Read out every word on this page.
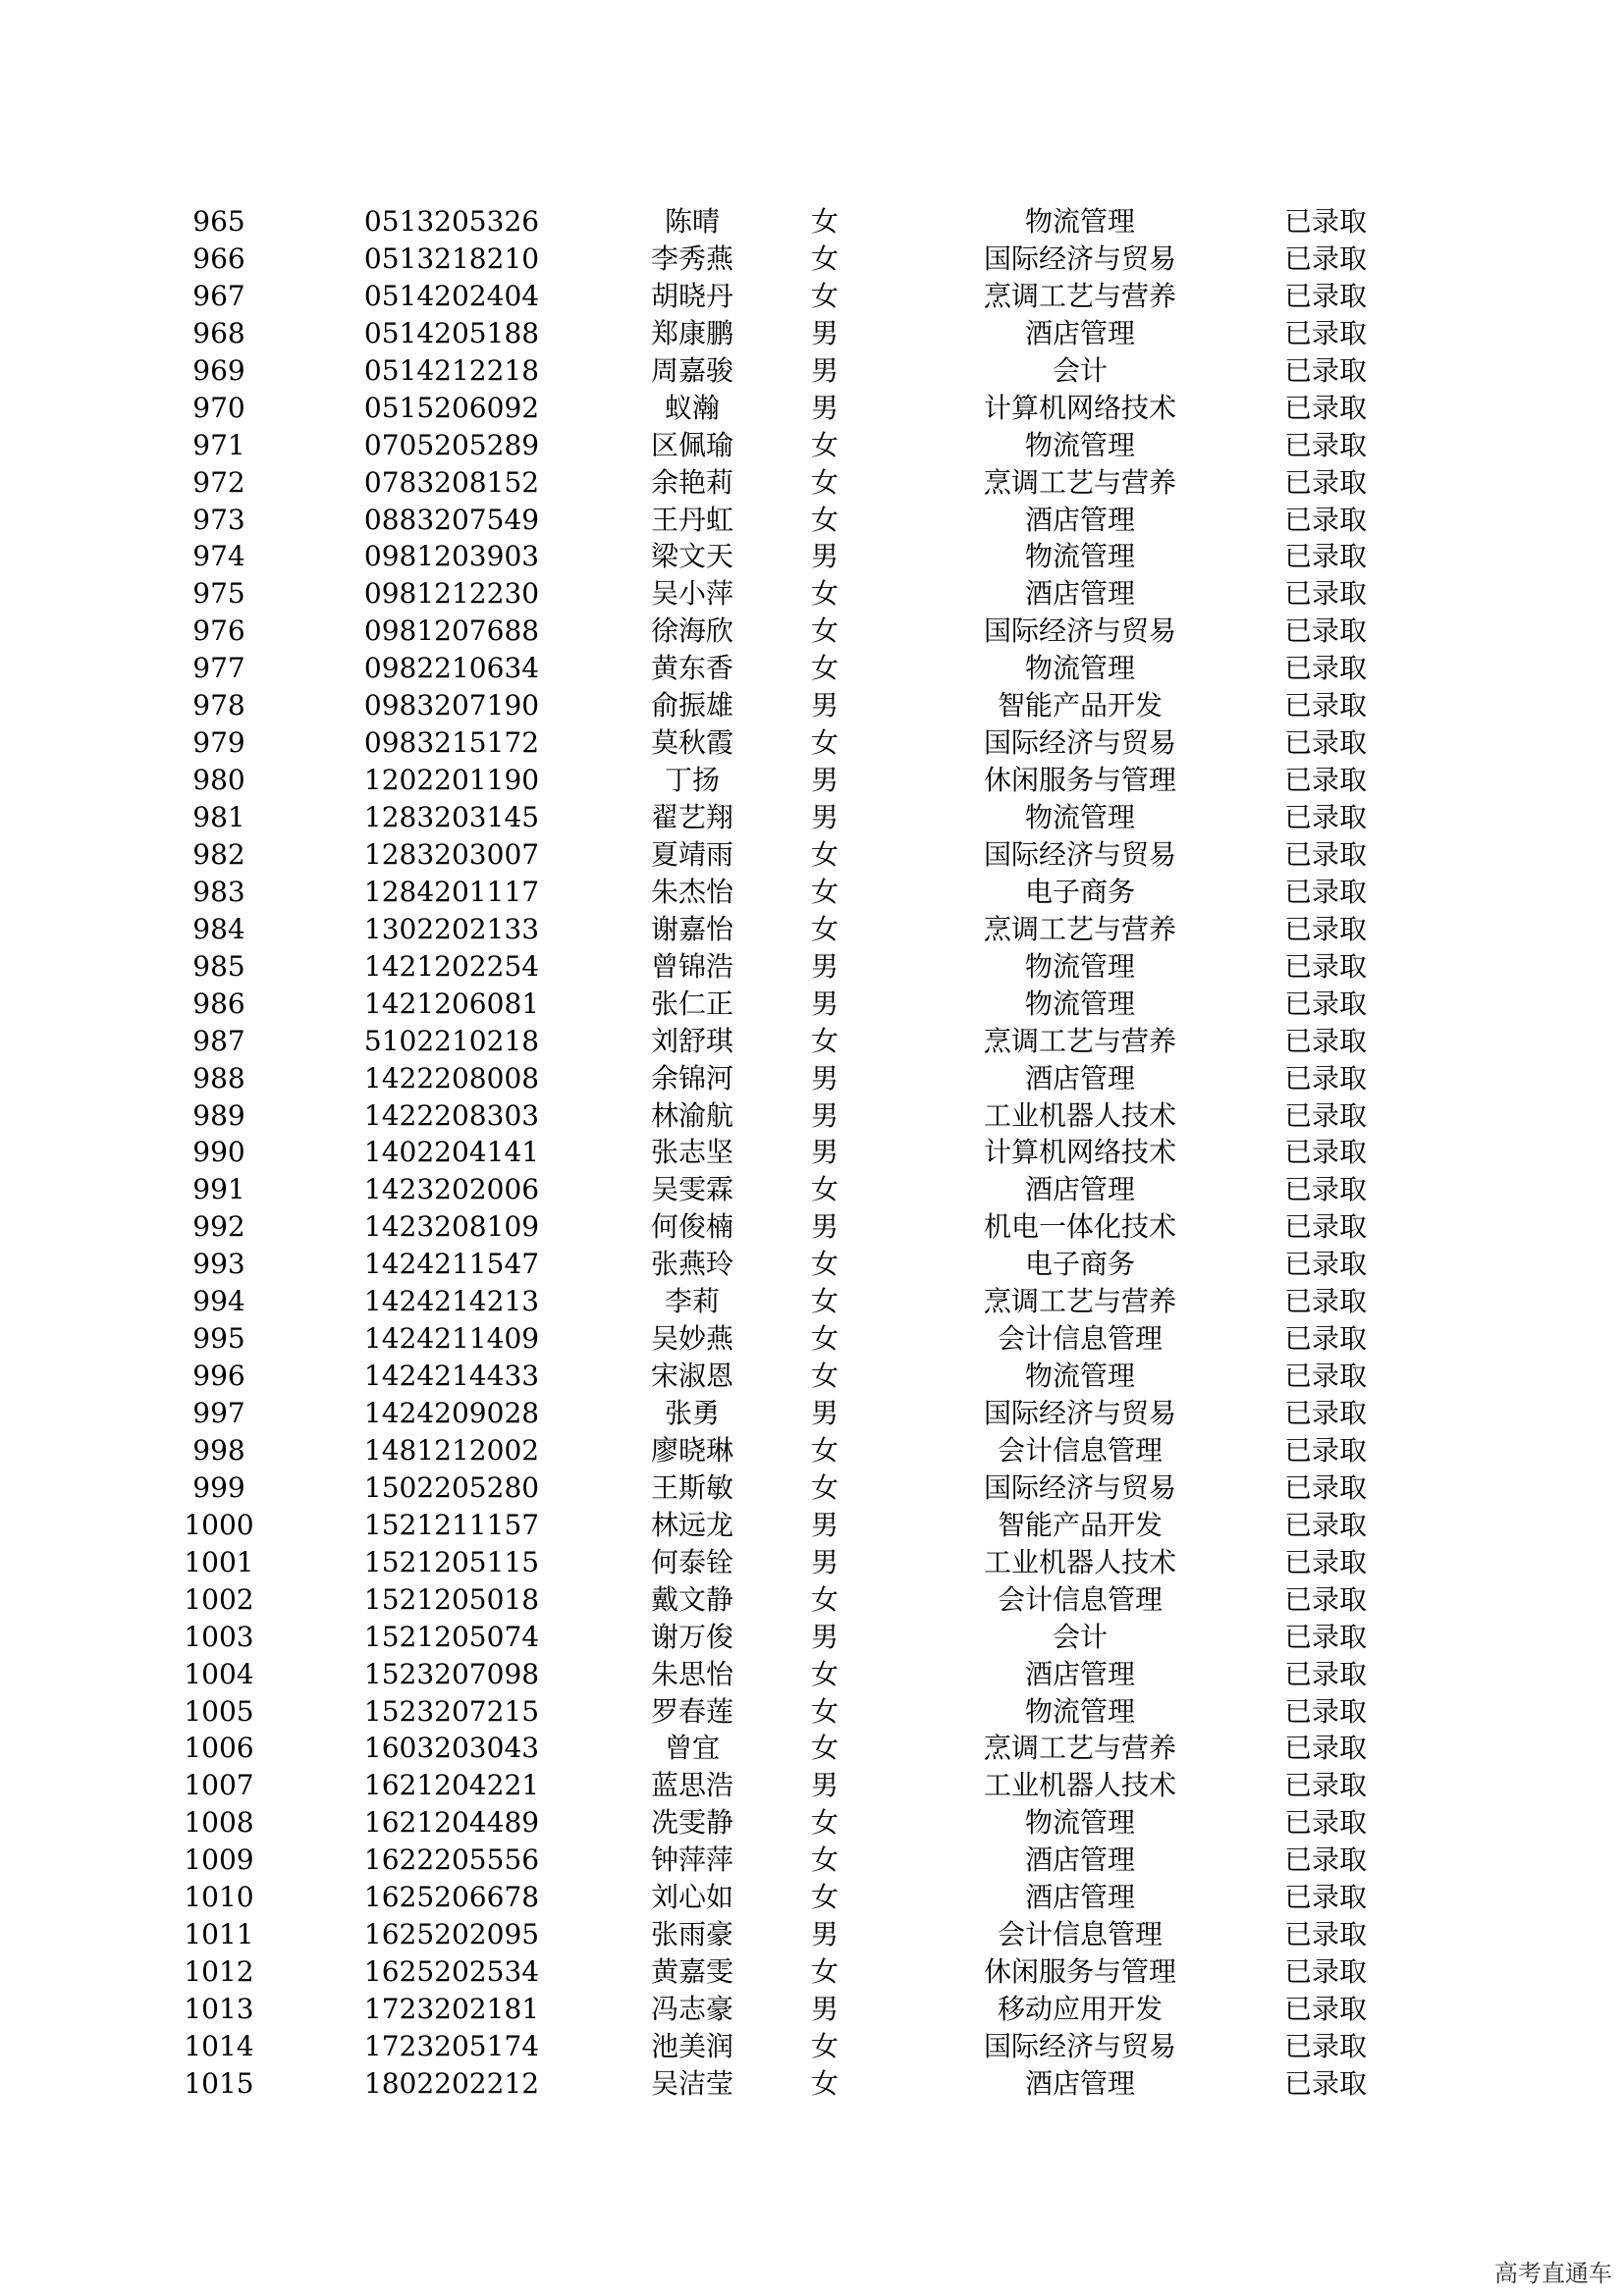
965	0513205326	陈晴	女	物流管理	已录取
966	0513218210	李秀燕	女	国际经济与贸易	已录取
967	0514202404	胡晓丹	女	烹调工艺与营养	已录取
968	0514205188	郑康鹏	男	酒店管理	已录取
969	0514212218	周嘉骏	男	会计	已录取
970	0515206092	蚁瀚	男	计算机网络技术	已录取
971	0705205289	区佩瑜	女	物流管理	已录取
972	0783208152	余艳莉	女	烹调工艺与营养	已录取
973	0883207549	王丹虹	女	酒店管理	已录取
974	0981203903	梁文天	男	物流管理	已录取
975	0981212230	吴小萍	女	酒店管理	已录取
976	0981207688	徐海欣	女	国际经济与贸易	已录取
977	0982210634	黄东香	女	物流管理	已录取
978	0983207190	俞振雄	男	智能产品开发	已录取
979	0983215172	莫秋霞	女	国际经济与贸易	已录取
980	1202201190	丁扬	男	休闲服务与管理	已录取
981	1283203145	翟艺翔	男	物流管理	已录取
982	1283203007	夏靖雨	女	国际经济与贸易	已录取
983	1284201117	朱杰怡	女	电子商务	已录取
984	1302202133	谢嘉怡	女	烹调工艺与营养	已录取
985	1421202254	曾锦浩	男	物流管理	已录取
986	1421206081	张仁正	男	物流管理	已录取
987	5102210218	刘舒琪	女	烹调工艺与营养	已录取
988	1422208008	余锦河	男	酒店管理	已录取
989	1422208303	林渝航	男	工业机器人技术	已录取
990	1402204141	张志坚	男	计算机网络技术	已录取
991	1423202006	吴雯霖	女	酒店管理	已录取
992	1423208109	何俊楠	男	机电一体化技术	已录取
993	1424211547	张燕玲	女	电子商务	已录取
994	1424214213	李莉	女	烹调工艺与营养	已录取
995	1424211409	吴妙燕	女	会计信息管理	已录取
996	1424214433	宋淑恩	女	物流管理	已录取
997	1424209028	张勇	男	国际经济与贸易	已录取
998	1481212002	廖晓琳	女	会计信息管理	已录取
999	1502205280	王斯敏	女	国际经济与贸易	已录取
1000	1521211157	林远龙	男	智能产品开发	已录取
1001	1521205115	何泰铨	男	工业机器人技术	已录取
1002	1521205018	戴文静	女	会计信息管理	已录取
1003	1521205074	谢万俊	男	会计	已录取
1004	1523207098	朱思怡	女	酒店管理	已录取
1005	1523207215	罗春莲	女	物流管理	已录取
1006	1603203043	曾宜	女	烹调工艺与营养	已录取
1007	1621204221	蓝思浩	男	工业机器人技术	已录取
1008	1621204489	冼雯静	女	物流管理	已录取
1009	1622205556	钟萍萍	女	酒店管理	已录取
1010	1625206678	刘心如	女	酒店管理	已录取
1011	1625202095	张雨豪	男	会计信息管理	已录取
1012	1625202534	黄嘉雯	女	休闲服务与管理	已录取
1013	1723202181	冯志豪	男	移动应用开发	已录取
1014	1723205174	池美润	女	国际经济与贸易	已录取
1015	1802202212	吴洁莹	女	酒店管理	已录取
高考直通车
